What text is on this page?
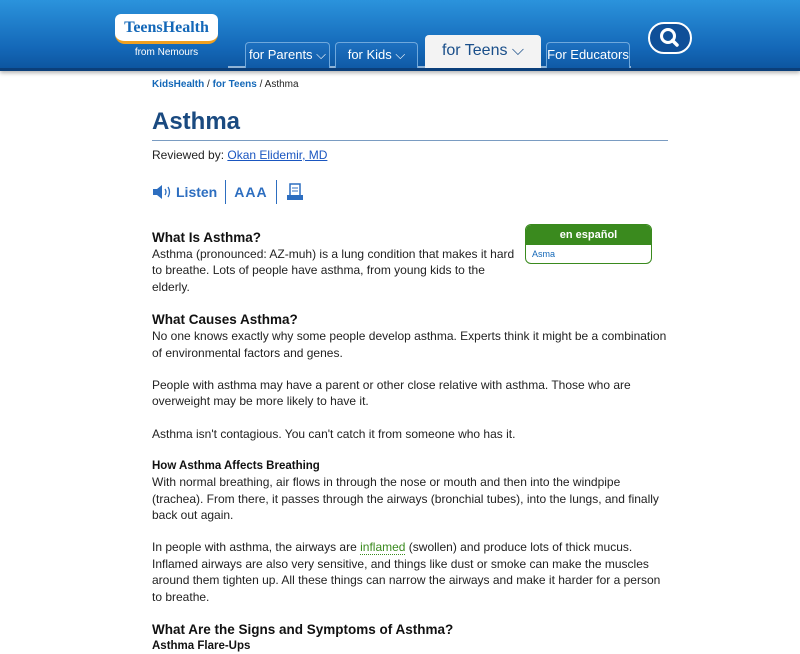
TeensHealth
from Nemours	for Parents ⌵	for Kids ⌵	for Teens ⌵	For Educators
KidsHealth / for Teens / Asthma
Asthma
Reviewed by: Okan Elidemir, MD
Listen AAA
en español
Asma
What Is Asthma?

Asthma (pronounced: AZ-muh) is a lung condition that makes it hard to breathe. Lots of people have asthma, from young kids to the elderly.

What Causes Asthma?

No one knows exactly why some people develop asthma. Experts think it might be a combination of environmental factors and genes.

People with asthma may have a parent or other close relative with asthma. Those who are overweight may be more likely to have it.

Asthma isn't contagious. You can't catch it from someone who has it.

How Asthma Affects Breathing

With normal breathing, air flows in through the nose or mouth and then into the windpipe (trachea). From there, it passes through the airways (bronchial tubes), into the lungs, and finally back out again.

In people with asthma, the airways are inflamed (swollen) and produce lots of thick mucus. Inflamed airways are also very sensitive, and things like dust or smoke can make the muscles around them tighten up. All these things can narrow the airways and make it harder for a person to breathe.

What Are the Signs and Symptoms of Asthma?
Asthma Flare-Ups
